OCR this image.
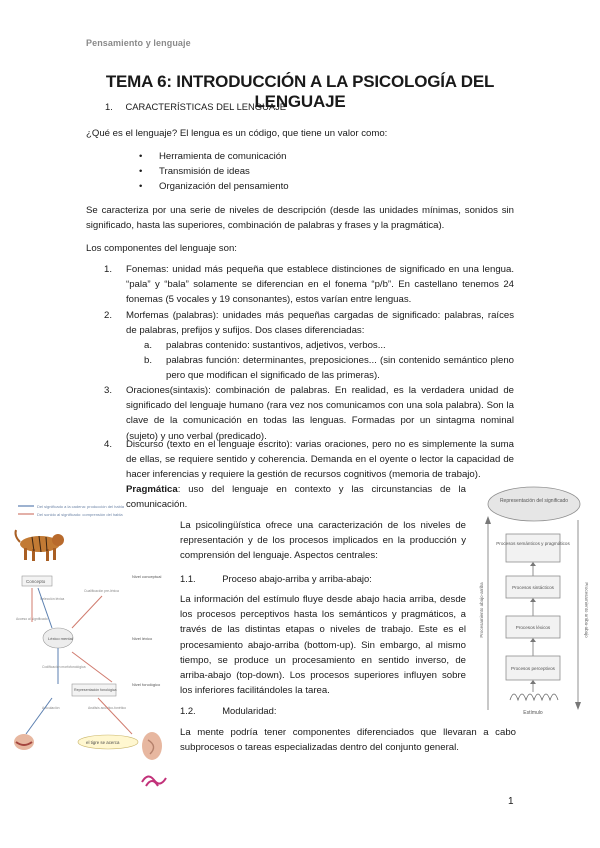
Pensamiento y lenguaje
TEMA 6: INTRODUCCIÓN A LA PSICOLOGÍA DEL LENGUAJE
1. CARACTERÍSTICAS DEL LENGUAJE
¿Qué es el lenguaje? El lengua es un código, que tiene un valor como:
• Herramienta de comunicación
• Transmisión de ideas
• Organización del pensamiento
Se caracteriza por una serie de niveles de descripción (desde las unidades mínimas, sonidos sin significado, hasta las superiores, combinación de palabras y frases y la pragmática).
Los componentes del lenguaje son:
1. Fonemas: unidad más pequeña que establece distinciones de significado en una lengua. “pala” y “bala” solamente se diferencian en el fonema “p/b”. En castellano tenemos 24 fonemas (5 vocales y 19 consonantes), estos varían entre lenguas.
2. Morfemas (palabras): unidades más pequeñas cargadas de significado: palabras, raíces de palabras, prefijos y sufijos. Dos clases diferenciadas:
a. palabras contenido: sustantivos, adjetivos, verbos...
b. palabras función: determinantes, preposiciones... (sin contenido semántico pleno pero que modifican el significado de las primeras).
3. Oraciones(sintaxis): combinación de palabras. En realidad, es la verdadera unidad de significado del lenguaje humano (rara vez nos comunicamos con una sola palabra). Son la clave de la comunicación en todas las lenguas. Formadas por un sintagma nominal (sujeto) y uno verbal (predicado).
4. Discurso (texto en el lenguaje escrito): varias oraciones, pero no es simplemente la suma de ellas, se requiere sentido y coherencia. Demanda en el oyente o lector la capacidad de hacer inferencias y requiere la gestión de recursos cognitivos (memoria de trabajo).
Pragmática: uso del lenguaje en contexto y las circunstancias de la comunicación.
La psicolingüística ofrece una caracterización de los niveles de representación y de los procesos implicados en la producción y comprensión del lenguaje. Aspectos centrales:
1.1.	Proceso abajo-arriba y arriba-abajo:
La información del estímulo fluye desde abajo hacia arriba, desde los procesos perceptivos hasta los semánticos y pragmáticos, a través de las distintas etapas o niveles de trabajo. Este es el procesamiento abajo-arriba (bottom-up). Sin embargo, al mismo tiempo, se produce un procesamiento en sentido inverso, de arriba-abajo (top-down). Los procesos superiores influyen sobre los inferiores facilitándoles la tarea.
1.2.	Modularidad:
La mente podría tener componentes diferenciados que llevaran a cabo subprocesos o tareas especializadas dentro del conjunto general.
1
Del significado a la cadena: producción del habla
Del sonido al significado: comprensión del habla
Concepto
Nivel conceptual
Selección léxica
Cualificación pre-léxica
Acceso al significado
Léxico mental	Nivel léxico
Codificación morfofonológica
Representación fonológica
Nivel fonológico
Articulación	Análisis acústico-fonético
el tigre se acerca
Representación del significado
Procesamiento abajo-arriba	Procesamiento arriba-abajo
Procesos semánticos y pragmáticos
Procesos sintácticos
Procesos léxicos
Procesos perceptivos
Estímulo
